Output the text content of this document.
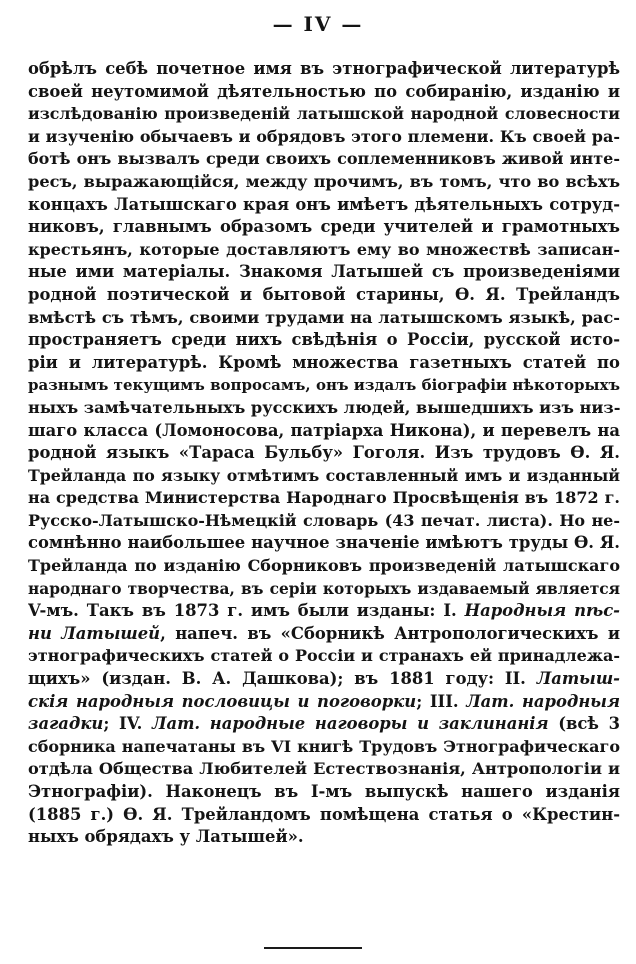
— IV —
обрѣлъ себѣ почетное имя въ этнографической литературѣ
своей неутомимой дѣятельностью по собиранію, изданію и
изслѣдованію произведеній латышской народной словесности
и изученію обычаевъ и обрядовъ этого племени. Къ своей ра-
ботѣ онъ вызвалъ среди своихъ соплеменниковъ живой инте-
ресъ, выражающійся, между прочимъ, въ томъ, что во всѣхъ
концахъ Латышскаго края онъ имѣетъ дѣятельныхъ сотруд-
никовъ, главнымъ образомъ среди учителей и грамотныхъ
крестьянъ, которые доставляютъ ему во множествѣ записан-
ные ими матеріалы. Знакомя Латышей съ произведеніями
родной поэтической и бытовой старины, Ѳ. Я. Трейландъ
вмѣстѣ съ тѣмъ, своими трудами на латышскомъ языкѣ, рас-
пространяетъ среди нихъ свѣдѣнія о Россіи, русской исто-
ріи и литературѣ. Кромѣ множества газетныхъ статей по
разнымъ текущимъ вопросамъ, онъ издалъ біографіи нѣкоторыхъ
ныхъ замѣчательныхъ русскихъ людей, вышедшихъ изъ низ-
шаго класса (Ломоносова, патріарха Никона), и перевелъ на
родной языкъ «Тараса Бульбу» Гоголя. Изъ трудовъ Ѳ. Я.
Трейланда по языку отмѣтимъ составленный имъ и изданный
на средства Министерства Народнаго Просвѣщенія въ 1872 г.
Русско-Латышско-Нѣмецкій словарь (43 печат. листа). Но не-
сомнѣнно наибольшее научное значеніе имѣютъ труды Ѳ. Я.
Трейланда по изданію Сборниковъ произведеній латышскаго
народнаго творчества, въ серіи которыхъ издаваемый является
V-мъ. Такъ въ 1873 г. имъ были изданы: I. Народныя пѣс-
ни Латышей, напеч. въ «Сборникѣ Антропологическихъ и
этнографическихъ статей о Россіи и странахъ ей принадлежа-
щихъ» (издан. В. А. Дашкова); въ 1881 году: II. Латыш-
скія народныя пословицы и поговорки; III. Лат. народныя
загадки; IV. Лат. народные наговоры и заклинанія (всѣ 3
сборника напечатаны въ VI книгѣ Трудовъ Этнографическаго
отдѣла Общества Любителей Естествознанія, Антропологіи и
Этнографіи). Наконецъ въ I-мъ выпускѣ нашего изданія
(1885 г.) Ѳ. Я. Трейландомъ помѣщена статья о «Крестин-
ныхъ обрядахъ у Латышей».
